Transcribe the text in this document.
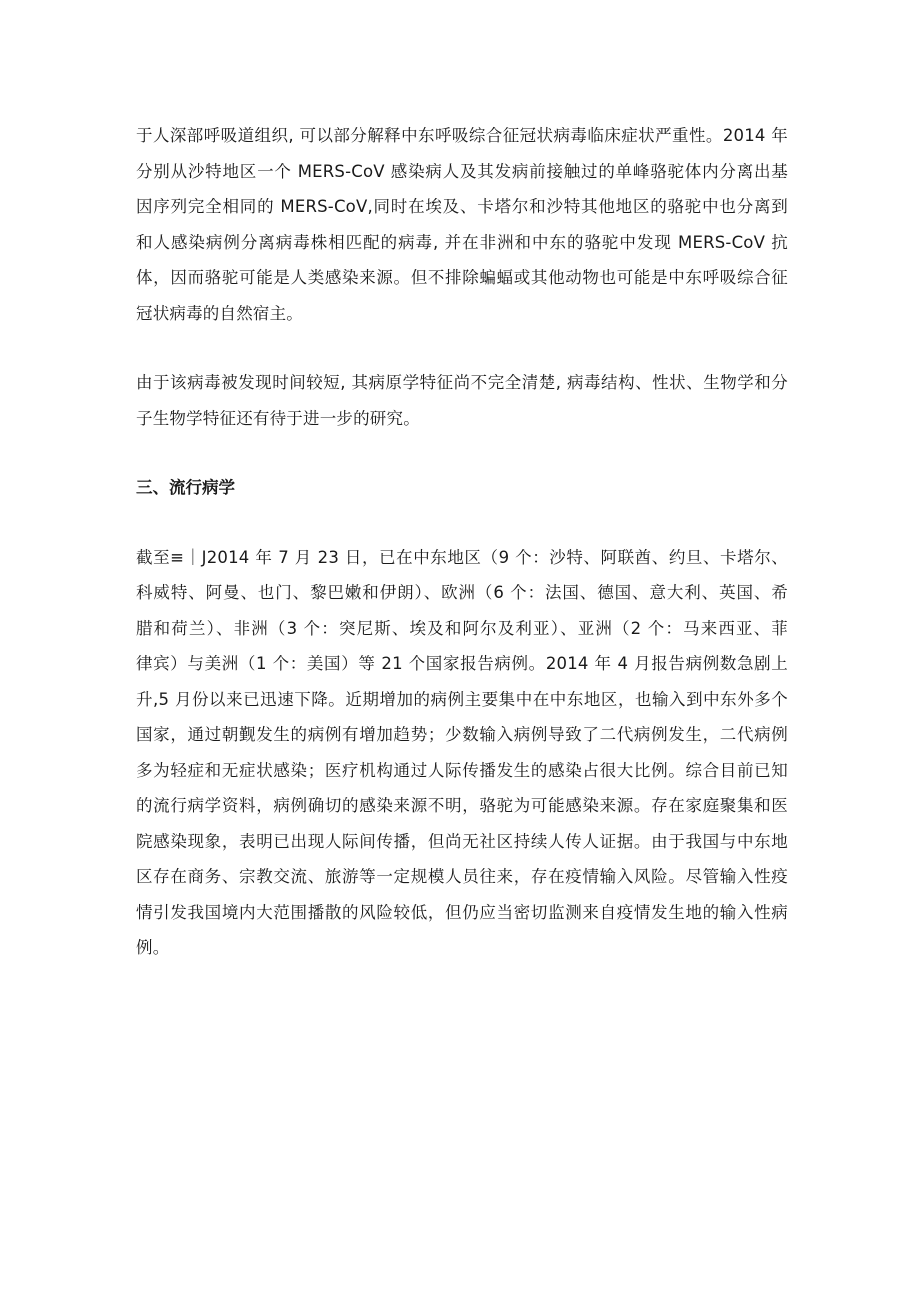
于人深部呼吸道组织, 可以部分解释中东呼吸综合征冠状病毒临床症状严重性。2014 年
分别从沙特地区一个 MERS-CoV 感染病人及其发病前接触过的单峰骆驼体内分离出基
因序列完全相同的 MERS-CoV,同时在埃及、卡塔尔和沙特其他地区的骆驼中也分离到
和人感染病例分离病毒株相匹配的病毒, 并在非洲和中东的骆驼中发现 MERS-CoV 抗
体，因而骆驼可能是人类感染来源。但不排除蝙蝠或其他动物也可能是中东呼吸综合征
冠状病毒的自然宿主。

由于该病毒被发现时间较短, 其病原学特征尚不完全清楚, 病毒结构、性状、生物学和分
子生物学特征还有待于进一步的研究。

三、流行病学

截至≡｜J2014 年 7 月 23 日，已在中东地区（9 个：沙特、阿联酋、约旦、卡塔尔、
科威特、阿曼、也门、黎巴嫩和伊朗）、欧洲（6 个：法国、德国、意大利、英国、希
腊和荷兰）、非洲（3 个：突尼斯、埃及和阿尔及利亚）、亚洲（2 个：马来西亚、菲
律宾）与美洲（1 个：美国）等 21 个国家报告病例。2014 年 4 月报告病例数急剧上
升,5 月份以来已迅速下降。近期增加的病例主要集中在中东地区，也输入到中东外多个
国家，通过朝觐发生的病例有增加趋势；少数输入病例导致了二代病例发生，二代病例
多为轻症和无症状感染；医疗机构通过人际传播发生的感染占很大比例。综合目前已知
的流行病学资料，病例确切的感染来源不明，骆驼为可能感染来源。存在家庭聚集和医
院感染现象，表明已出现人际间传播，但尚无社区持续人传人证据。由于我国与中东地
区存在商务、宗教交流、旅游等一定规模人员往来，存在疫情输入风险。尽管输入性疫
情引发我国境内大范围播散的风险较低，但仍应当密切监测来自疫情发生地的输入性病
例。
